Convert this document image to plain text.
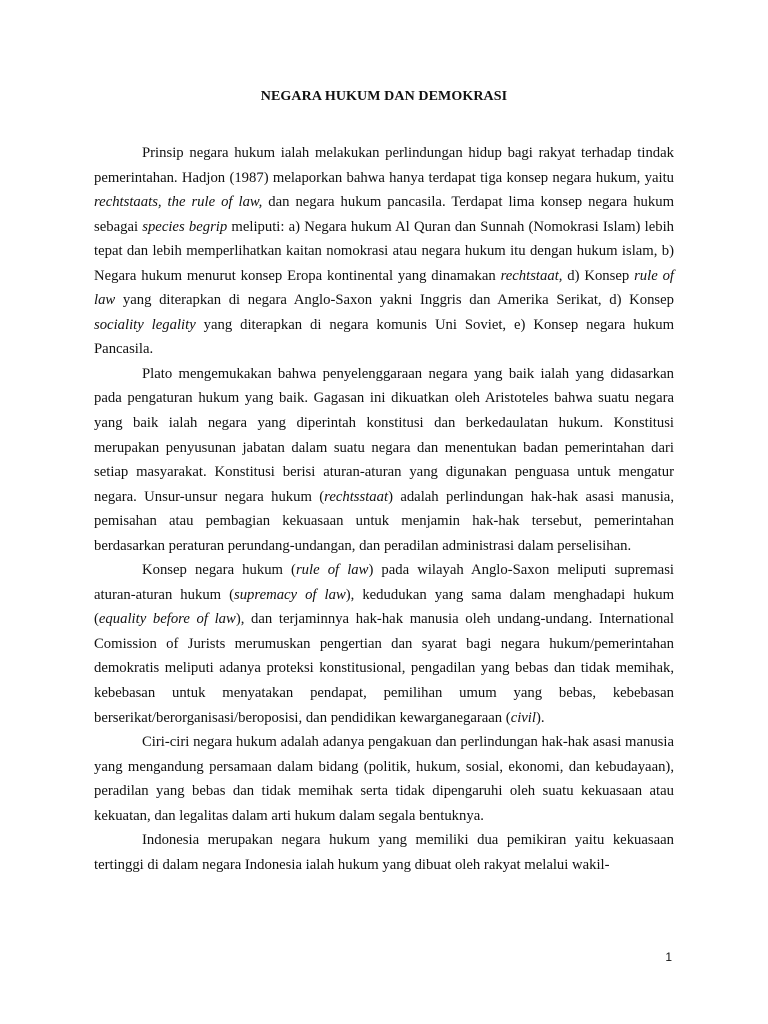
NEGARA HUKUM DAN DEMOKRASI

Prinsip negara hukum ialah melakukan perlindungan hidup bagi rakyat terhadap tindak pemerintahan. Hadjon (1987) melaporkan bahwa hanya terdapat tiga konsep negara hukum, yaitu rechtstaats, the rule of law, dan negara hukum pancasila. Terdapat lima konsep negara hukum sebagai species begrip meliputi: a) Negara hukum Al Quran dan Sunnah (Nomokrasi Islam) lebih tepat dan lebih memperlihatkan kaitan nomokrasi atau negara hukum itu dengan hukum islam, b) Negara hukum menurut konsep Eropa kontinental yang dinamakan rechtstaat, d) Konsep rule of law yang diterapkan di negara Anglo-Saxon yakni Inggris dan Amerika Serikat, d) Konsep sociality legality yang diterapkan di negara komunis Uni Soviet, e) Konsep negara hukum Pancasila.

Plato mengemukakan bahwa penyelenggaraan negara yang baik ialah yang didasarkan pada pengaturan hukum yang baik. Gagasan ini dikuatkan oleh Aristoteles bahwa suatu negara yang baik ialah negara yang diperintah konstitusi dan berkedaulatan hukum. Konstitusi merupakan penyusunan jabatan dalam suatu negara dan menentukan badan pemerintahan dari setiap masyarakat. Konstitusi berisi aturan-aturan yang digunakan penguasa untuk mengatur negara. Unsur-unsur negara hukum (rechtsstaat) adalah perlindungan hak-hak asasi manusia, pemisahan atau pembagian kekuasaan untuk menjamin hak-hak tersebut, pemerintahan berdasarkan peraturan perundang-undangan, dan peradilan administrasi dalam perselisihan.

Konsep negara hukum (rule of law) pada wilayah Anglo-Saxon meliputi supremasi aturan-aturan hukum (supremacy of law), kedudukan yang sama dalam menghadapi hukum (equality before of law), dan terjaminnya hak-hak manusia oleh undang-undang. International Comission of Jurists merumuskan pengertian dan syarat bagi negara hukum/pemerintahan demokratis meliputi adanya proteksi konstitusional, pengadilan yang bebas dan tidak memihak, kebebasan untuk menyatakan pendapat, pemilihan umum yang bebas, kebebasan berserikat/berorganisasi/beroposisi, dan pendidikan kewarganegaraan (civil).

Ciri-ciri negara hukum adalah adanya pengakuan dan perlindungan hak-hak asasi manusia yang mengandung persamaan dalam bidang (politik, hukum, sosial, ekonomi, dan kebudayaan), peradilan yang bebas dan tidak memihak serta tidak dipengaruhi oleh suatu kekuasaan atau kekuatan, dan legalitas dalam arti hukum dalam segala bentuknya.

Indonesia merupakan negara hukum yang memiliki dua pemikiran yaitu kekuasaan tertinggi di dalam negara Indonesia ialah hukum yang dibuat oleh rakyat melalui wakil-

1
